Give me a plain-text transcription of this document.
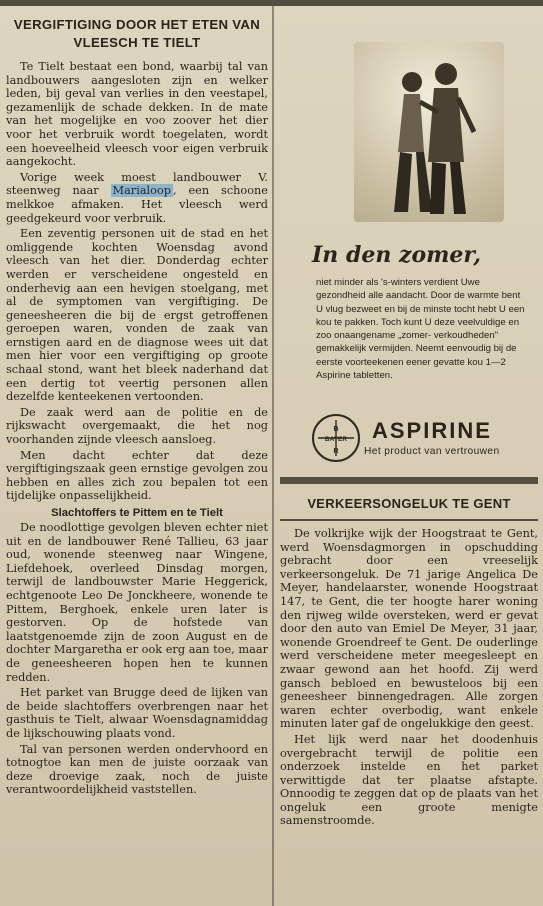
VERGIFTIGING DOOR HET ETEN VAN VLEESCH TE TIELT

Te Tielt bestaat een bond, waarbij tal van landbouwers aangesloten zijn en welker leden, bij geval van verlies in den veestapel, gezamenlijk de schade dekken. In de mate van het mogelijke en voo zoover het dier voor het verbruik wordt toegelaten, wordt een hoeveelheid vleesch voor eigen verbruik aangekocht.

Vorige week moest landbouwer V. steenweg naar Marialoop , een schoone melkkoe afmaken. Het vleesch werd geedgekeurd voor verbruik.

Een zeventig personen uit de stad en het omliggende kochten Woensdag avond vleesch van het dier. Donderdag echter werden er verscheidene ongesteld en onderhevig aan een hevigen stoelgang, met al de symptomen van vergiftiging. De geneesheeren die bij de ergst getroffenen geroepen waren, vonden de zaak van ernstigen aard en de diagnose wees uit dat men hier voor een vergiftiging op groote schaal stond, want het bleek naderhand dat een dertig tot veertig personen allen dezelfde kenteekenen vertoonden.

De zaak werd aan de politie en de rijkswacht overgemaakt, die het nog voorhanden zijnde vleesch aansloeg.

Men dacht echter dat deze vergiftigingszaak geen ernstige gevolgen zou hebben en alles zich zou bepalen tot een tijdelijke onpasselijkheid.

Slachtoffers te Pittem en te Tielt

De noodlottige gevolgen bleven echter niet uit en de landbouwer René Tallieu, 63 jaar oud, wonende steenweg naar Wingene, Liefdehoek, overleed Dinsdag morgen, terwijl de landbouwster Marie Heggerick, echtgenoote Leo De Jonckheere, wonende te Pittem, Berghoek, enkele uren later is gestorven. Op de hofstede van laatstgenoemde zijn de zoon August en de dochter Margaretha er ook erg aan toe, maar de geneesheeren hopen hen te kunnen redden.

Het parket van Brugge deed de lijken van de beide slachtoffers overbrengen naar het gasthuis te Tielt, alwaar Woensdagnamiddag de lijkschouwing plaats vond.

Tal van personen werden ondervhoord en totnogtoe kan men de juiste oorzaak van deze droevige zaak, noch de juiste verantwoordelijkheid vaststellen.

In den zomer,
niet minder als 's-winters verdient Uwe gezondheid alle aandacht. Door de warmte bent U vlug bezweet en bij de minste tocht hebt U een kou te pakken. Toch kunt U deze veelvuldige en zoo onaangename „zomer- verkoudheden" gemakkelijk vermijden. Neemt eenvoudig bij de eerste voorteekenen eener gevatte kou 1—2 Aspirine tabletten.
B
R
BAYER ASPIRINE
Het product van vertrouwen
VERKEERSONGELUK TE GENT

De volkrijke wijk der Hoogstraat te Gent, werd Woensdagmorgen in opschudding gebracht door een vreeselijk verkeersongeluk. De 71 jarige Angelica De Meyer, handelaarster, wonende Hoogstraat 147, te Gent, die ter hoogte harer woning den rijweg wilde oversteken, werd er gevat door den auto van Emiel De Meyer, 31 jaar, wonende Groendreef te Gent. De ouderlinge werd verscheidene meter meegesleept en zwaar gewond aan het hoofd. Zij werd gansch bebloed en bewusteloos bij een geneesheer binnengedragen. Alle zorgen waren echter overbodig, want enkele minuten later gaf de ongelukkige den geest.

Het lijk werd naar het doodenhuis overgebracht terwijl de politie een onderzoek instelde en het parket verwittigde dat ter plaatse afstapte. Onnoodig te zeggen dat op de plaats van het ongeluk een groote menigte samenstroomde.
